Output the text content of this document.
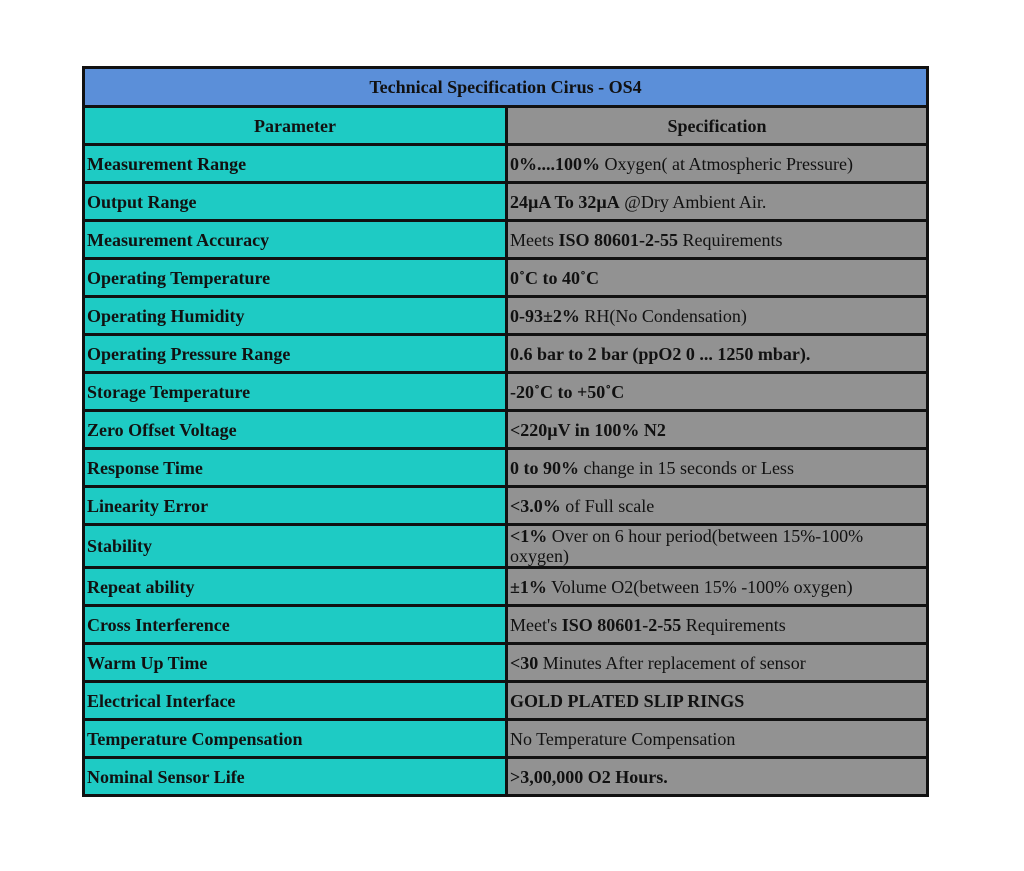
Technical Specification Cirus - OS4	
Parameter	Specification
Measurement Range	0%....100% Oxygen( at Atmospheric Pressure)
Output Range	24µA To 32µA @Dry Ambient Air.
Measurement Accuracy	Meets ISO 80601-2-55 Requirements
Operating Temperature	0˚C to 40˚C
Operating Humidity	0-93±2% RH(No Condensation)
Operating Pressure Range	0.6 bar to 2 bar (ppO2 0 ... 1250 mbar).
Storage Temperature	-20˚C to +50˚C
Zero Offset Voltage	<220µV in 100% N2
Response Time	0 to 90% change in 15 seconds or Less
Linearity Error	<3.0% of Full scale
Stability	<1% Over on 6 hour period(between 15%-100% oxygen)
Repeat ability	±1% Volume O2(between 15% -100% oxygen)
Cross Interference	Meet's ISO 80601-2-55 Requirements
Warm Up Time	<30 Minutes After replacement of sensor
Electrical Interface	GOLD PLATED SLIP RINGS
Temperature Compensation	No Temperature Compensation
Nominal Sensor Life	>3,00,000 O2 Hours.
